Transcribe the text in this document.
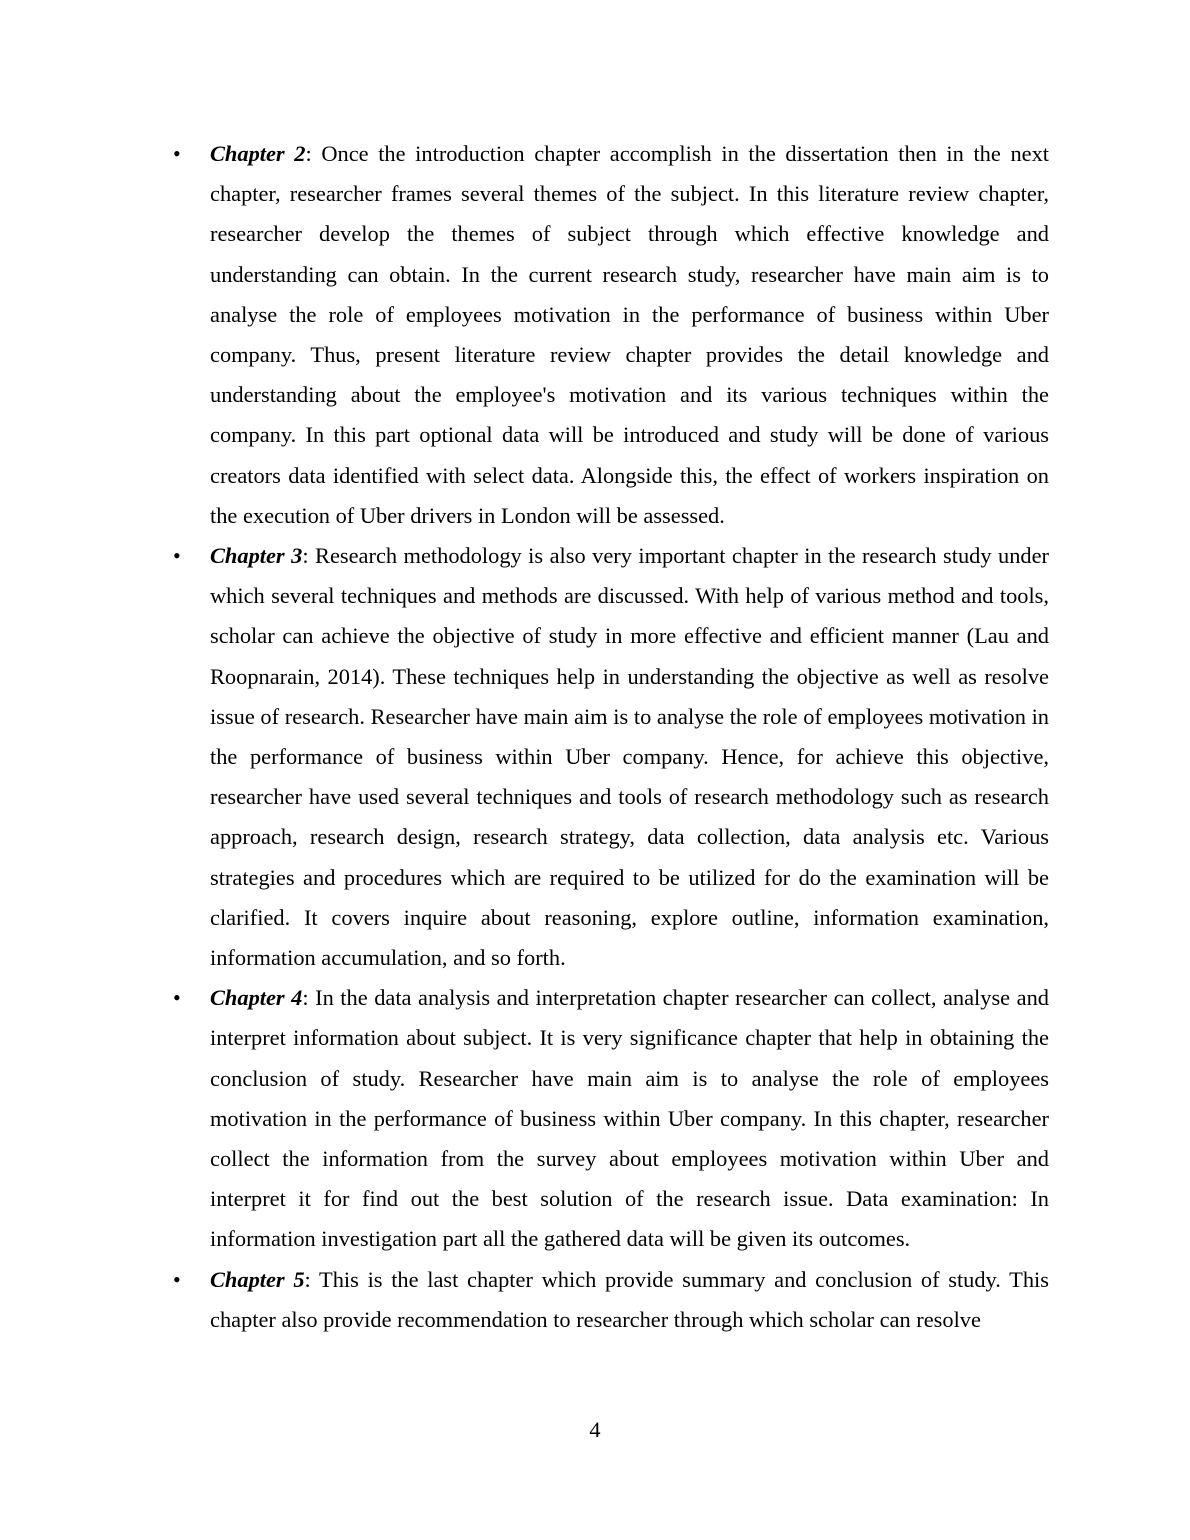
•	Chapter 2: Once the introduction chapter accomplish in the dissertation then in the next chapter, researcher frames several themes of the subject. In this literature review chapter, researcher develop the themes of subject through which effective knowledge and understanding can obtain. In the current research study, researcher have main aim is to analyse the role of employees motivation in the performance of business within Uber company. Thus, present literature review chapter provides the detail knowledge and understanding about the employee's motivation and its various techniques within the company. In this part optional data will be introduced and study will be done of various creators data identified with select data. Alongside this, the effect of workers inspiration on the execution of Uber drivers in London will be assessed.

•	Chapter 3: Research methodology is also very important chapter in the research study under which several techniques and methods are discussed. With help of various method and tools, scholar can achieve the objective of study in more effective and efficient manner (Lau and Roopnarain, 2014). These techniques help in understanding the objective as well as resolve issue of research. Researcher have main aim is to analyse the role of employees motivation in the performance of business within Uber company. Hence, for achieve this objective, researcher have used several techniques and tools of research methodology such as research approach, research design, research strategy, data collection, data analysis etc. Various strategies and procedures which are required to be utilized for do the examination will be clarified. It covers inquire about reasoning, explore outline, information examination, information accumulation, and so forth.

•	Chapter 4: In the data analysis and interpretation chapter researcher can collect, analyse and interpret information about subject. It is very significance chapter that help in obtaining the conclusion of study. Researcher have main aim is to analyse the role of employees motivation in the performance of business within Uber company. In this chapter, researcher collect the information from the survey about employees motivation within Uber and interpret it for find out the best solution of the research issue. Data examination: In information investigation part all the gathered data will be given its outcomes.

•	Chapter 5: This is the last chapter which provide summary and conclusion of study. This chapter also provide recommendation to researcher through which scholar can resolve

4
